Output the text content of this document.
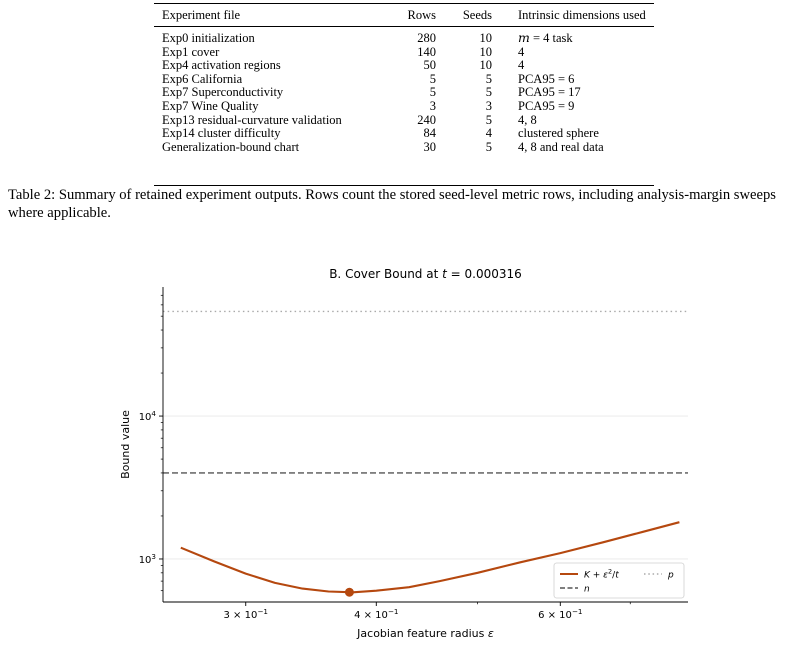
Experiment file	Rows	Seeds	Intrinsic dimensions used
Exp0 initialization	280	10	m = 4 task
Exp1 cover	140	10	4
Exp4 activation regions	50	10	4
Exp6 California	5	5	PCA95 = 6
Exp7 Superconductivity	5	5	PCA95 = 17
Exp7 Wine Quality	3	3	PCA95 = 9
Exp13 residual-curvature validation	240	5	4, 8
Exp14 cluster difficulty	84	4	clustered sphere
Generalization-bound chart	30	5	4, 8 and real data
Table 2: Summary of retained experiment outputs. Rows count the stored seed-level metric rows, including analysis-margin sweeps where applicable.
$10^3$
$10^4$
$3 \times 10^{-1}$	$4 \times 10^{-1}$	$6 \times 10^{-1}$
B. Cover Bound at t = 0.000316
Jacobian feature radius ε
Bound value
$K + \varepsilon^2/t$
n
p
